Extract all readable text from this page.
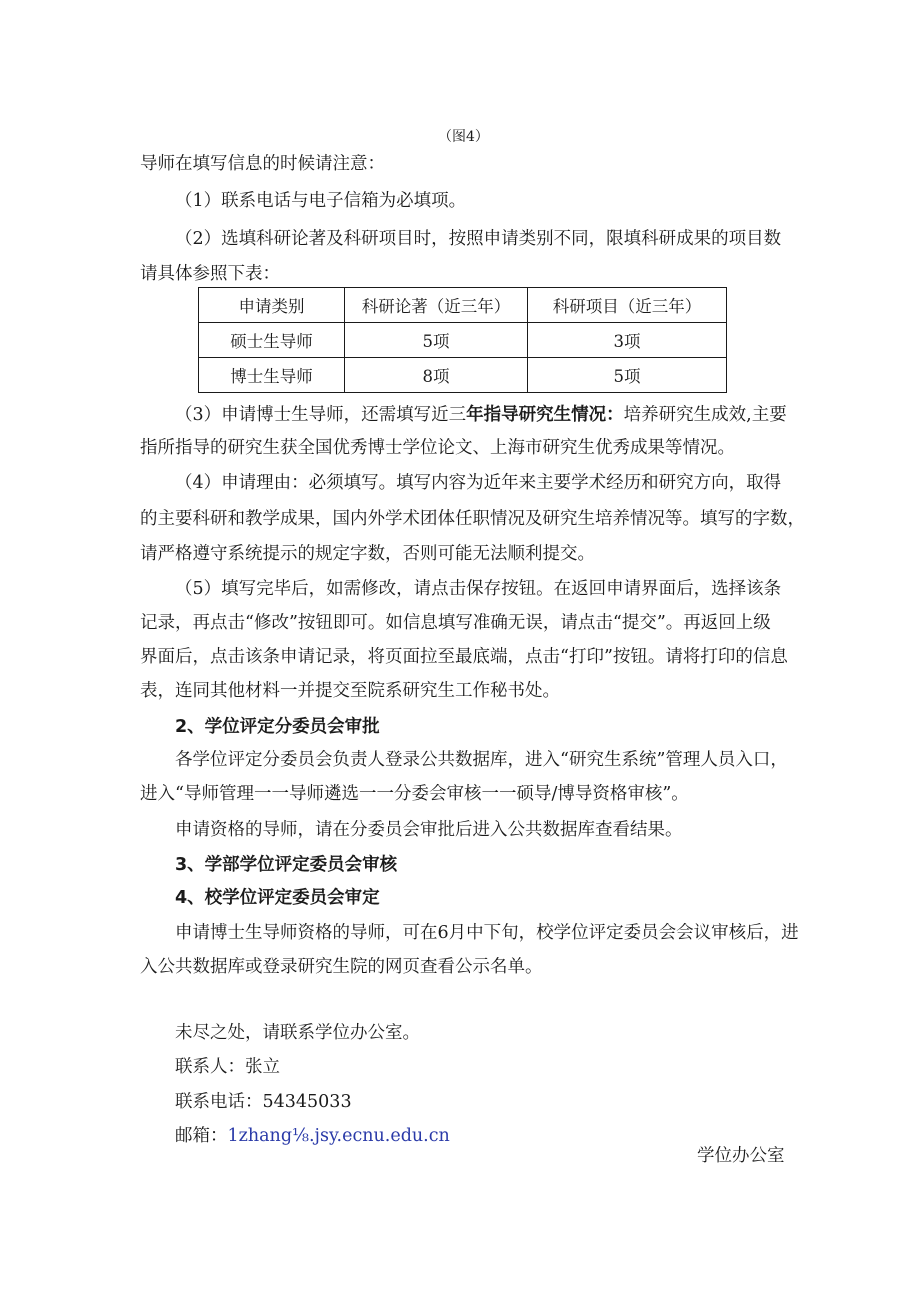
（图4）
导师在填写信息的时候请注意：
（1）联系电话与电子信箱为必填项。
（2）选填科研论著及科研项目时，按照申请类别不同，限填科研成果的项目数
请具体参照下表：
申请类别	科研论著（近三年）	科研项目（近三年）
硕士生导师	5项	3项
博士生导师	8项	5项
（3）申请博士生导师，还需填写近三年指导研究生情况：培养研究生成效,主要
指所指导的研究生获全国优秀博士学位论文、上海市研究生优秀成果等情况。
（4）申请理由：必须填写。填写内容为近年来主要学术经历和研究方向，取得
的主要科研和教学成果，国内外学术团体任职情况及研究生培养情况等。填写的字数，
请严格遵守系统提示的规定字数，否则可能无法顺利提交。
（5）填写完毕后，如需修改，请点击保存按钮。在返回申请界面后，选择该条
记录，再点击“修改”按钮即可。如信息填写准确无误，请点击“提交”。再返回上级
界面后，点击该条申请记录，将页面拉至最底端，点击“打印”按钮。请将打印的信息
表，连同其他材料一并提交至院系研究生工作秘书处。
2、学位评定分委员会审批
各学位评定分委员会负责人登录公共数据库，进入“研究生系统”管理人员入口，
进入“导师管理一一导师遴选一一分委会审核一一硕导/博导资格审核”。
申请资格的导师，请在分委员会审批后进入公共数据库查看结果。
3、学部学位评定委员会审核
4、校学位评定委员会审定
申请博士生导师资格的导师，可在6月中下旬，校学位评定委员会会议审核后，进
入公共数据库或登录研究生院的网页查看公示名单。
未尽之处，请联系学位办公室。
联系人：张立
联系电话：54345033
邮箱：1zhang⅛.jsy.ecnu.edu.cn
学位办公室
